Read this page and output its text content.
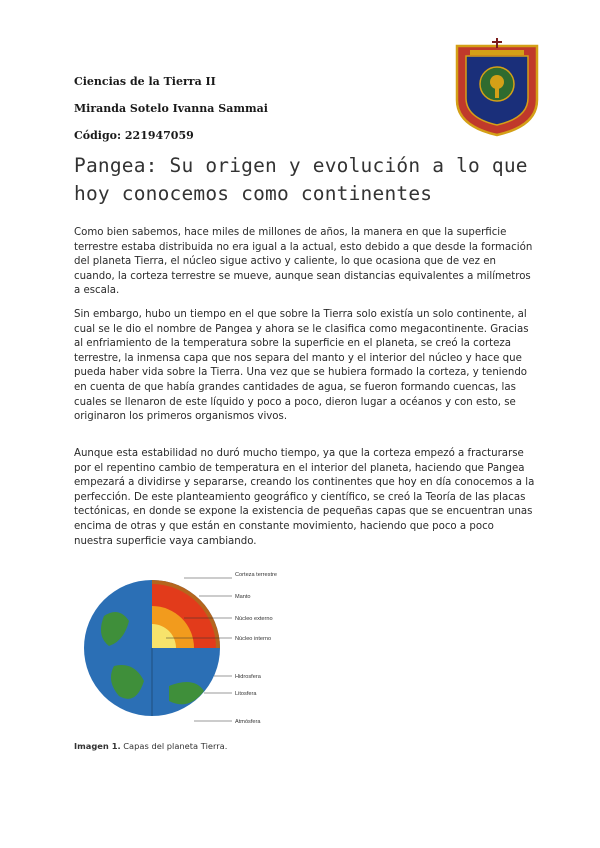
Ciencias de la Tierra II
Miranda Sotelo Ivanna Sammai
Código: 221947059
Pangea: Su origen y evolución a lo que hoy conocemos como continentes

Como bien sabemos, hace miles de millones de años, la manera en que la superficie terrestre estaba distribuida no era igual a la actual, esto debido a que desde la formación del planeta Tierra, el núcleo sigue activo y caliente, lo que ocasiona que de vez en cuando, la corteza terrestre se mueve, aunque sean distancias equivalentes a milímetros a escala.

Sin embargo, hubo un tiempo en el que sobre la Tierra solo existía un solo continente, al cual se le dio el nombre de Pangea y ahora se le clasifica como megacontinente. Gracias al enfriamiento de la temperatura sobre la superficie en el planeta, se creó la corteza terrestre, la inmensa capa que nos separa del manto y el interior del núcleo y hace que pueda haber vida sobre la Tierra. Una vez que se hubiera formado la corteza, y teniendo en cuenta de que había grandes cantidades de agua, se fueron formando cuencas, las cuales se llenaron de este líquido y poco a poco, dieron lugar a océanos y con esto, se originaron los primeros organismos vivos.

Aunque esta estabilidad no duró mucho tiempo, ya que la corteza empezó a fracturarse por el repentino cambio de temperatura en el interior del planeta, haciendo que Pangea empezará a dividirse y separarse, creando los continentes que hoy en día conocemos a la perfección. De este planteamiento geográfico y científico, se creó la Teoría de las placas tectónicas, en donde se expone la existencia de pequeñas capas que se encuentran unas encima de otras y que están en constante movimiento, haciendo que poco a poco nuestra superficie vaya cambiando.

Corteza terrestre
Manto
Núcleo externo
Núcleo interno
Hidrosfera
Litosfera
Atmósfera
Imagen 1. Capas del planeta Tierra.
